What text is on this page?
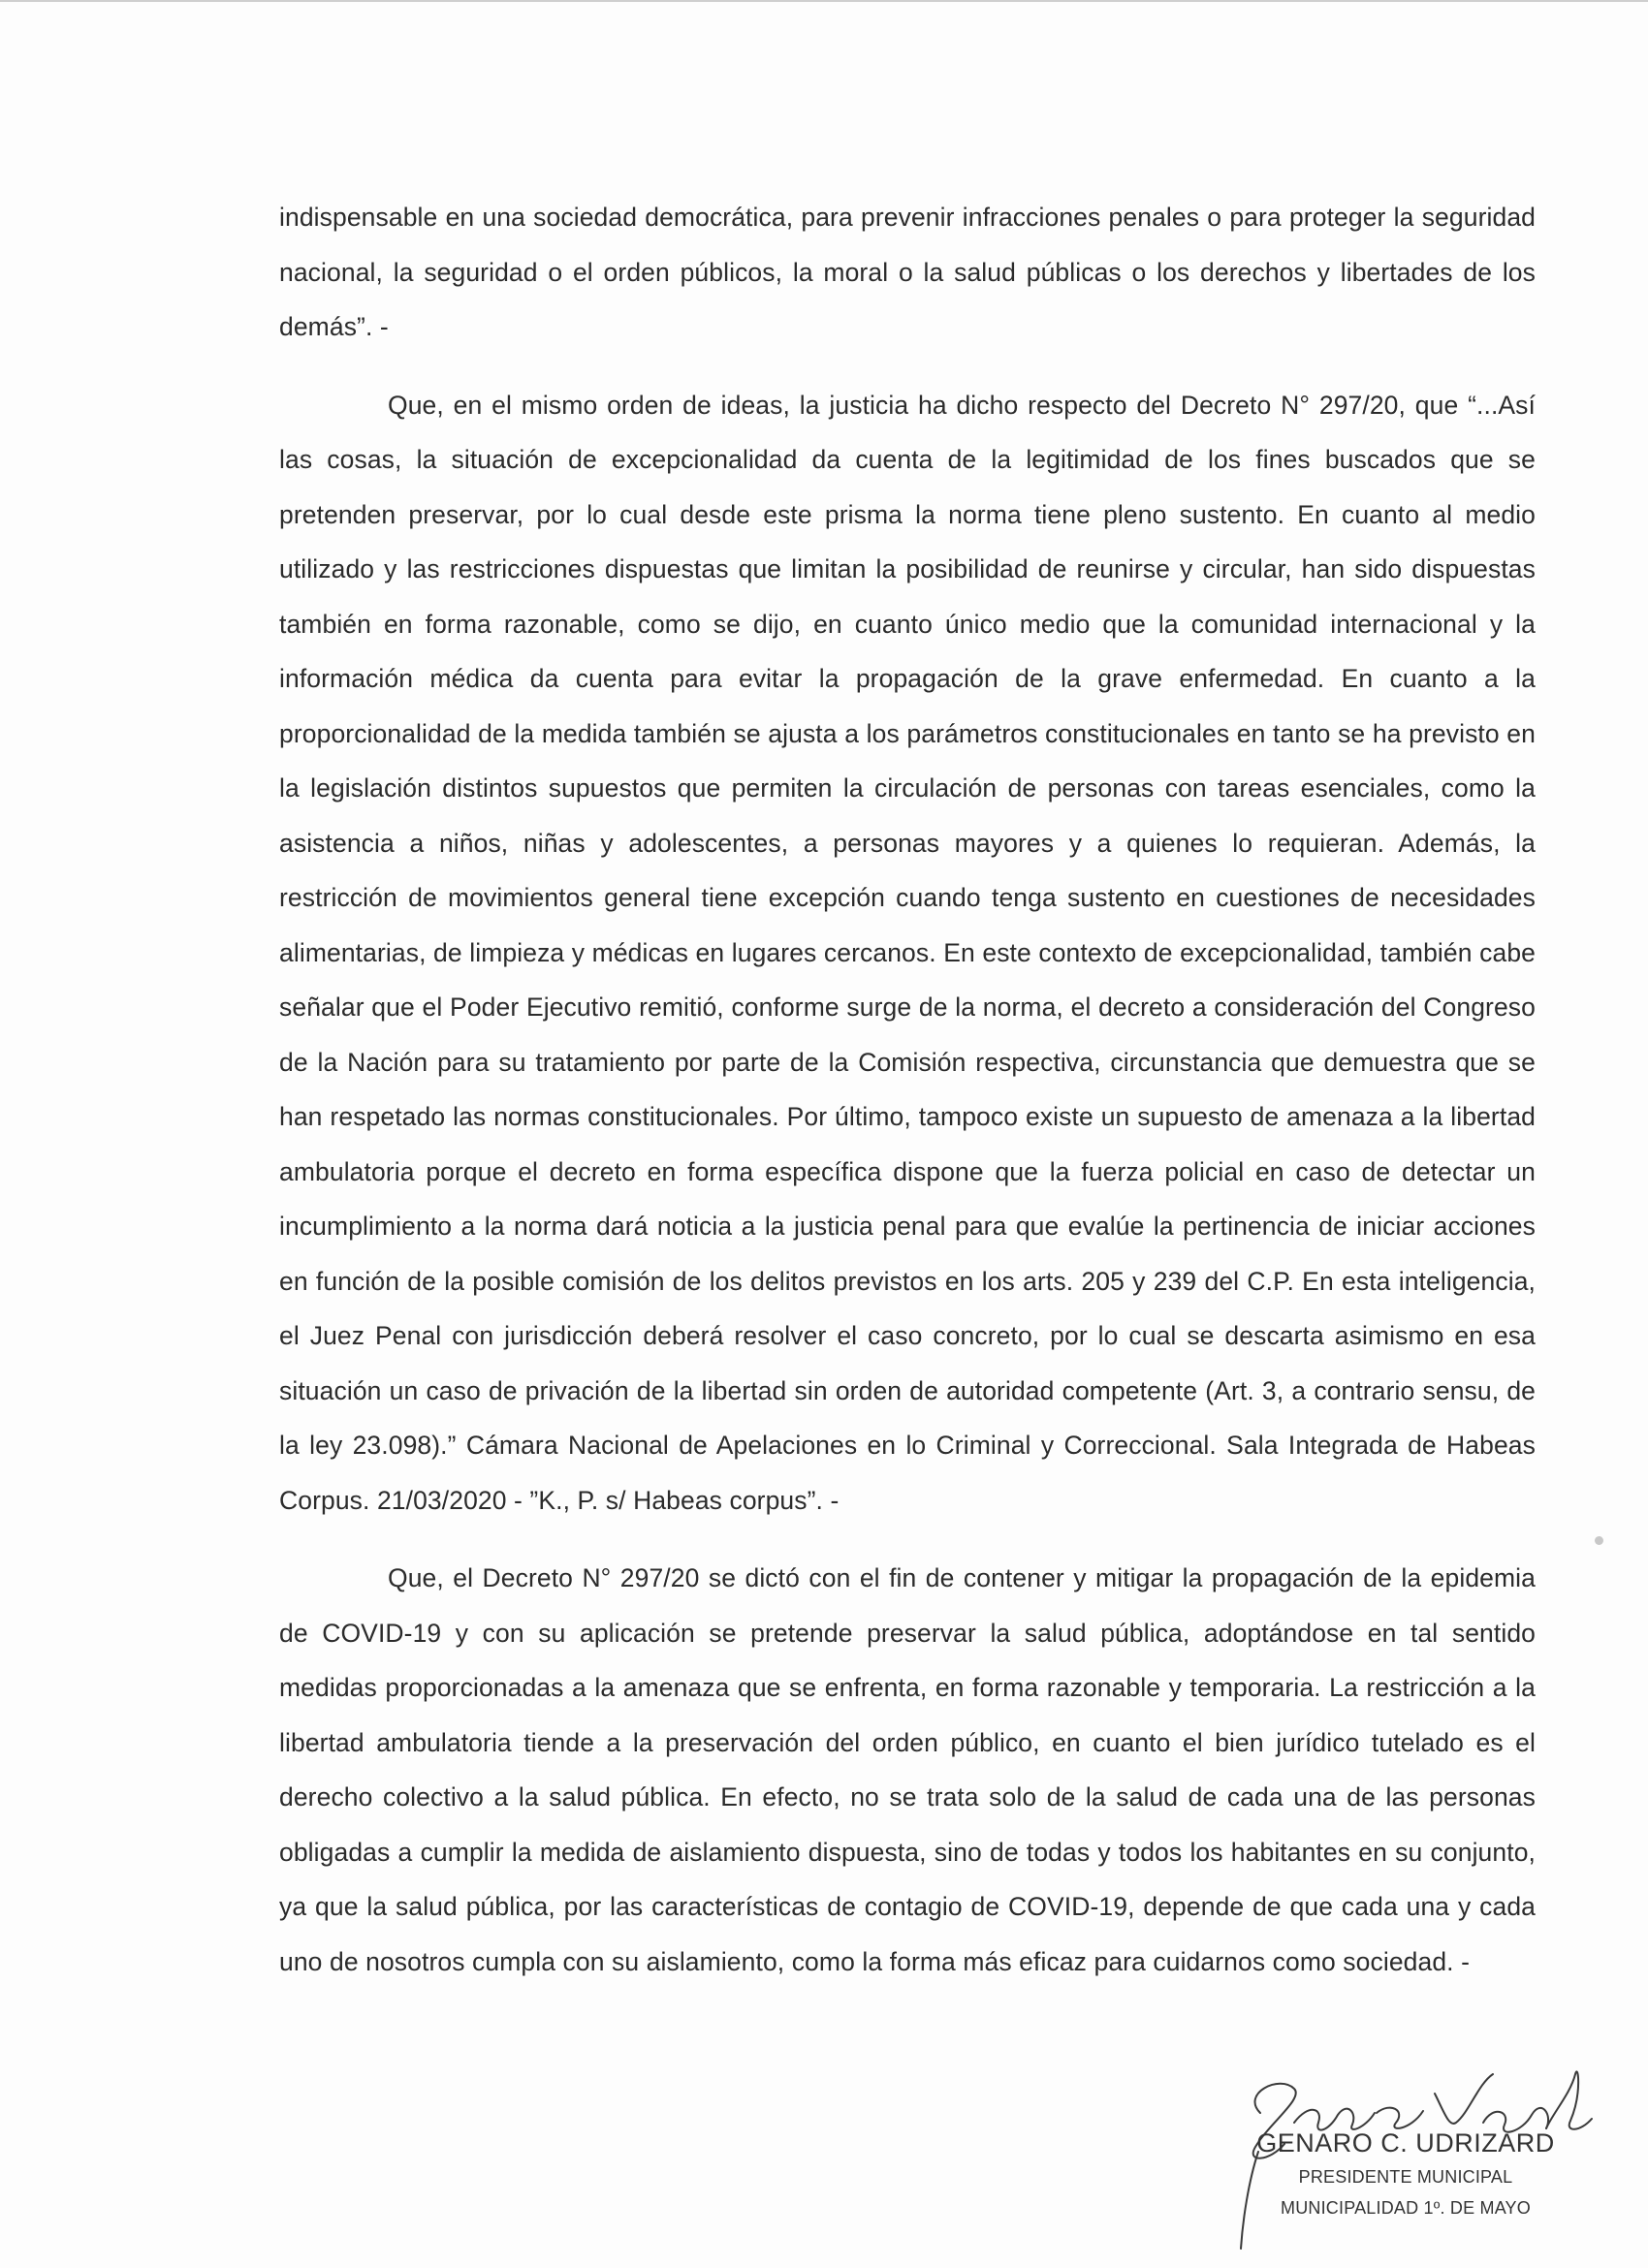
indispensable en una sociedad democrática, para prevenir infracciones penales o para proteger la seguridad nacional, la seguridad o el orden públicos, la moral o la salud públicas o los derechos y libertades de los demás”. -

Que, en el mismo orden de ideas, la justicia ha dicho respecto del Decreto N° 297/20, que “...Así las cosas, la situación de excepcionalidad da cuenta de la legitimidad de los fines buscados que se pretenden preservar, por lo cual desde este prisma la norma tiene pleno sustento. En cuanto al medio utilizado y las restricciones dispuestas que limitan la posibilidad de reunirse y circular, han sido dispuestas también en forma razonable, como se dijo, en cuanto único medio que la comunidad internacional y la información médica da cuenta para evitar la propagación de la grave enfermedad. En cuanto a la proporcionalidad de la medida también se ajusta a los parámetros constitucionales en tanto se ha previsto en la legislación distintos supuestos que permiten la circulación de personas con tareas esenciales, como la asistencia a niños, niñas y adolescentes, a personas mayores y a quienes lo requieran. Además, la restricción de movimientos general tiene excepción cuando tenga sustento en cuestiones de necesidades alimentarias, de limpieza y médicas en lugares cercanos. En este contexto de excepcionalidad, también cabe señalar que el Poder Ejecutivo remitió, conforme surge de la norma, el decreto a consideración del Congreso de la Nación para su tratamiento por parte de la Comisión respectiva, circunstancia que demuestra que se han respetado las normas constitucionales. Por último, tampoco existe un supuesto de amenaza a la libertad ambulatoria porque el decreto en forma específica dispone que la fuerza policial en caso de detectar un incumplimiento a la norma dará noticia a la justicia penal para que evalúe la pertinencia de iniciar acciones en función de la posible comisión de los delitos previstos en los arts. 205 y 239 del C.P. En esta inteligencia, el Juez Penal con jurisdicción deberá resolver el caso concreto, por lo cual se descarta asimismo en esa situación un caso de privación de la libertad sin orden de autoridad competente (Art. 3, a contrario sensu, de la ley 23.098).” Cámara Nacional de Apelaciones en lo Criminal y Correccional. Sala Integrada de Habeas Corpus. 21/03/2020 - ”K., P. s/ Habeas corpus”. -

Que, el Decreto N° 297/20 se dictó con el fin de contener y mitigar la propagación de la epidemia de COVID-19 y con su aplicación se pretende preservar la salud pública, adoptándose en tal sentido medidas proporcionadas a la amenaza que se enfrenta, en forma razonable y temporaria. La restricción a la libertad ambulatoria tiende a la preservación del orden público, en cuanto el bien jurídico tutelado es el derecho colectivo a la salud pública. En efecto, no se trata solo de la salud de cada una de las personas obligadas a cumplir la medida de aislamiento dispuesta, sino de todas y todos los habitantes en su conjunto, ya que la salud pública, por las características de contagio de COVID-19, depende de que cada una y cada uno de nosotros cumpla con su aislamiento, como la forma más eficaz para cuidarnos como sociedad. -

GENARO C. UDRIZARD
PRESIDENTE MUNICIPAL
MUNICIPALIDAD 1º. DE MAYO
